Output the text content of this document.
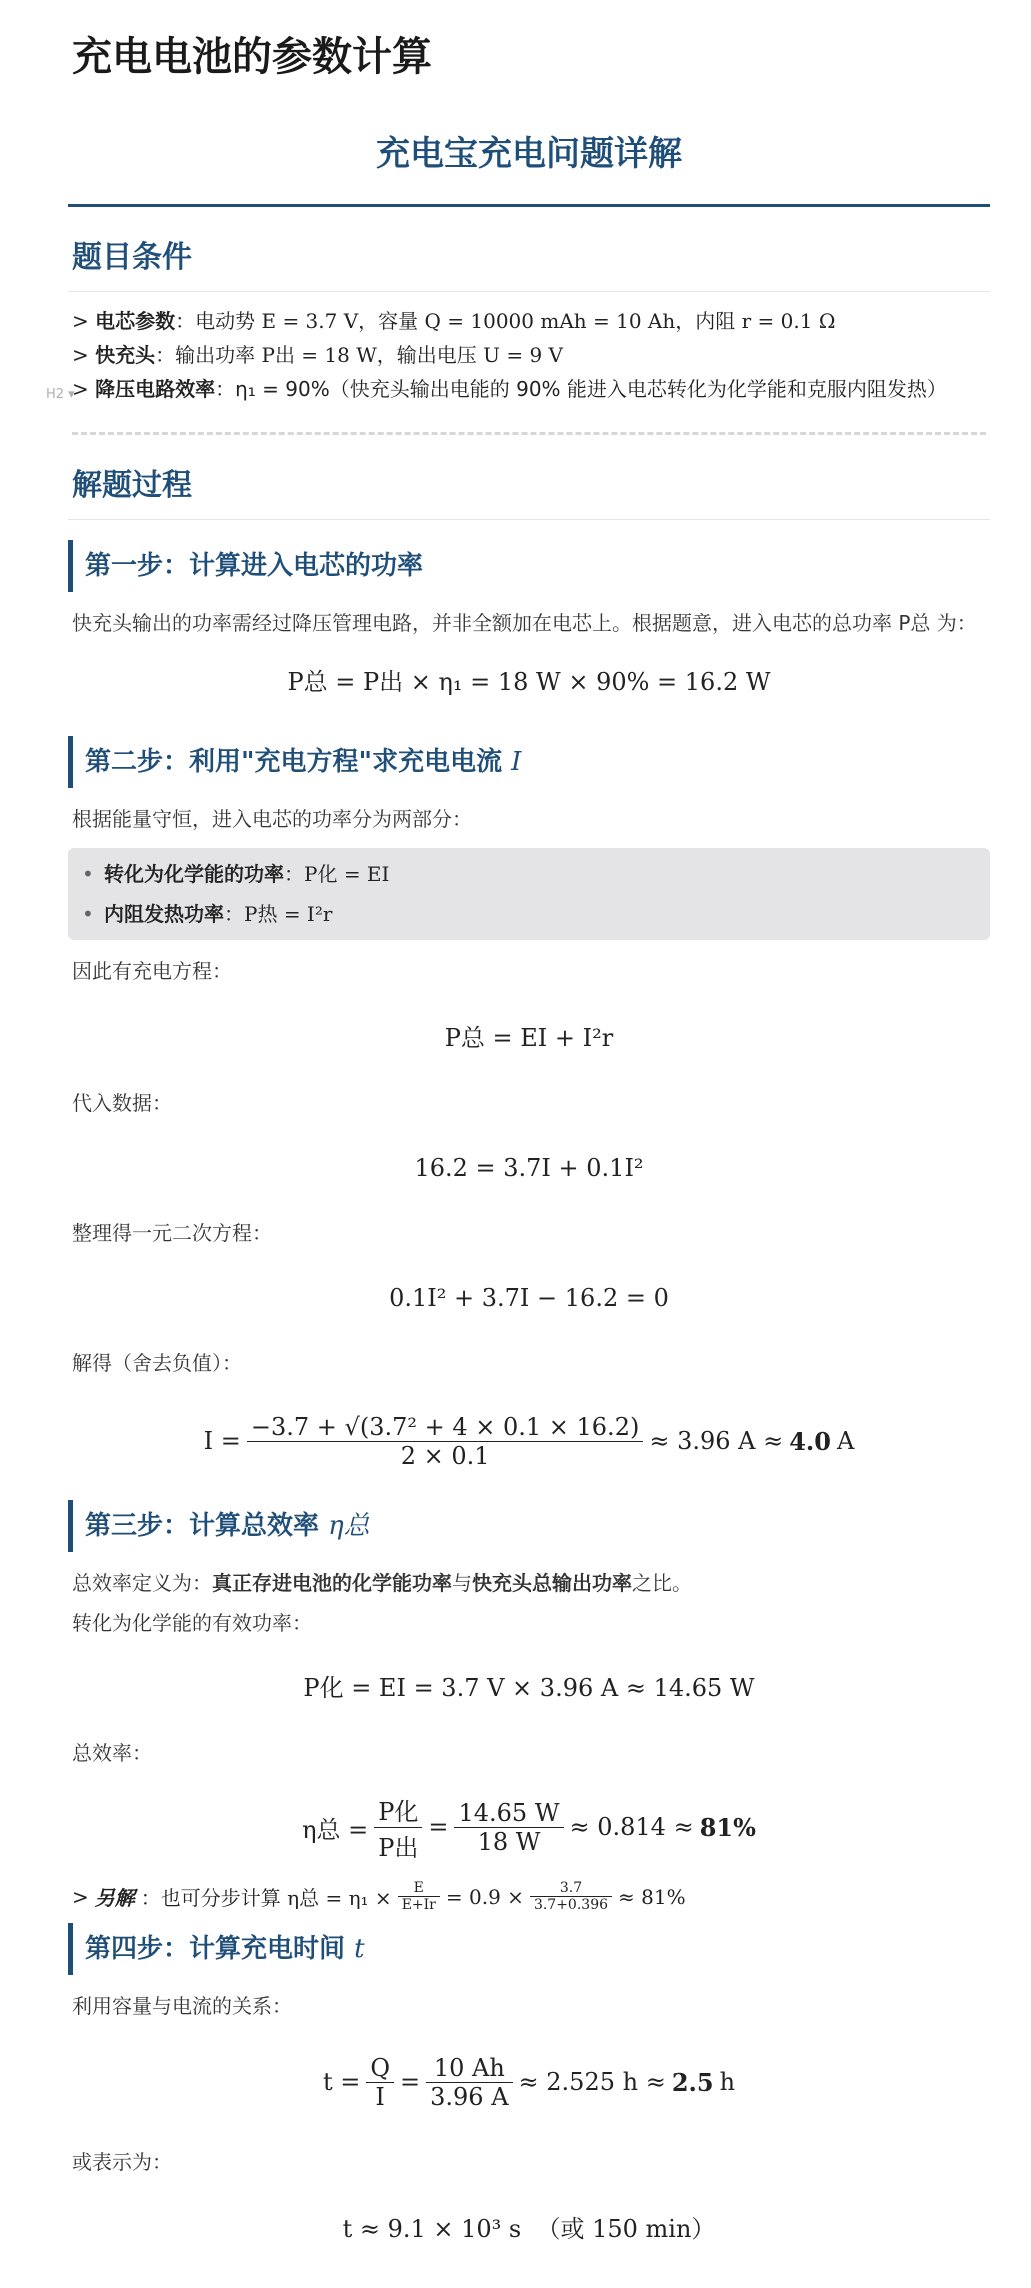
充电电池的参数计算
充电宝充电问题详解
题目条件
> 电芯参数：电动势 E = 3.7 V，容量 Q = 10000 mAh = 10 Ah，内阻 r = 0.1 Ω
> 快充头：输出功率 P出 = 18 W，输出电压 U = 9 V
H2 ▾
> 降压电路效率：η₁ = 90%（快充头输出电能的 90% 能进入电芯转化为化学能和克服内阻发热）
解题过程
第一步：计算进入电芯的功率
快充头输出的功率需经过降压管理电路，并非全额加在电芯上。根据题意，进入电芯的总功率 P总 为：
P总 = P出 × η₁ = 18 W × 90% = 16.2 W
第二步：利用"充电方程"求充电电流 I
根据能量守恒，进入电芯的功率分为两部分：
• 转化为化学能的功率：P化 = EI
• 内阻发热功率：P热 = I²r
因此有充电方程：
P总 = EI + I²r
代入数据：
16.2 = 3.7I + 0.1I²
整理得一元二次方程：
0.1I² + 3.7I − 16.2 = 0
解得（舍去负值）：
$I = \frac{\text{−3.7 + √(3.7² + 4 × 0.1 × 16.2)}}{2 \times 0.1} \approx 3.96$ A ≈ 4.0 A
第三步：计算总效率 η总
总效率定义为：真正存进电池的化学能功率与快充头总输出功率之比。
转化为化学能的有效功率：
P化 = EI = 3.7 V × 3.96 A ≈ 14.65 W
总效率：
η总 = $\frac{\text{P化}}{\text{P出}} = \frac{14.65 W}{18 W} \approx 0.814 \approx 81\%$
> 另解 ：也可分步计算 η总 = $\eta_1 \times \frac{E}{E+Ir} = 0.9 \times \frac{3.7}{3.7+0.396} \approx 81\%$
第四步：计算充电时间 t
利用容量与电流的关系：
$t = \frac{Q}{I} = \frac{10 Ah}{3.96 A} \approx 2.525$ h ≈ 2.5 h
或表示为：
t ≈ 9.1 × 10³ s  （或 150 min）
